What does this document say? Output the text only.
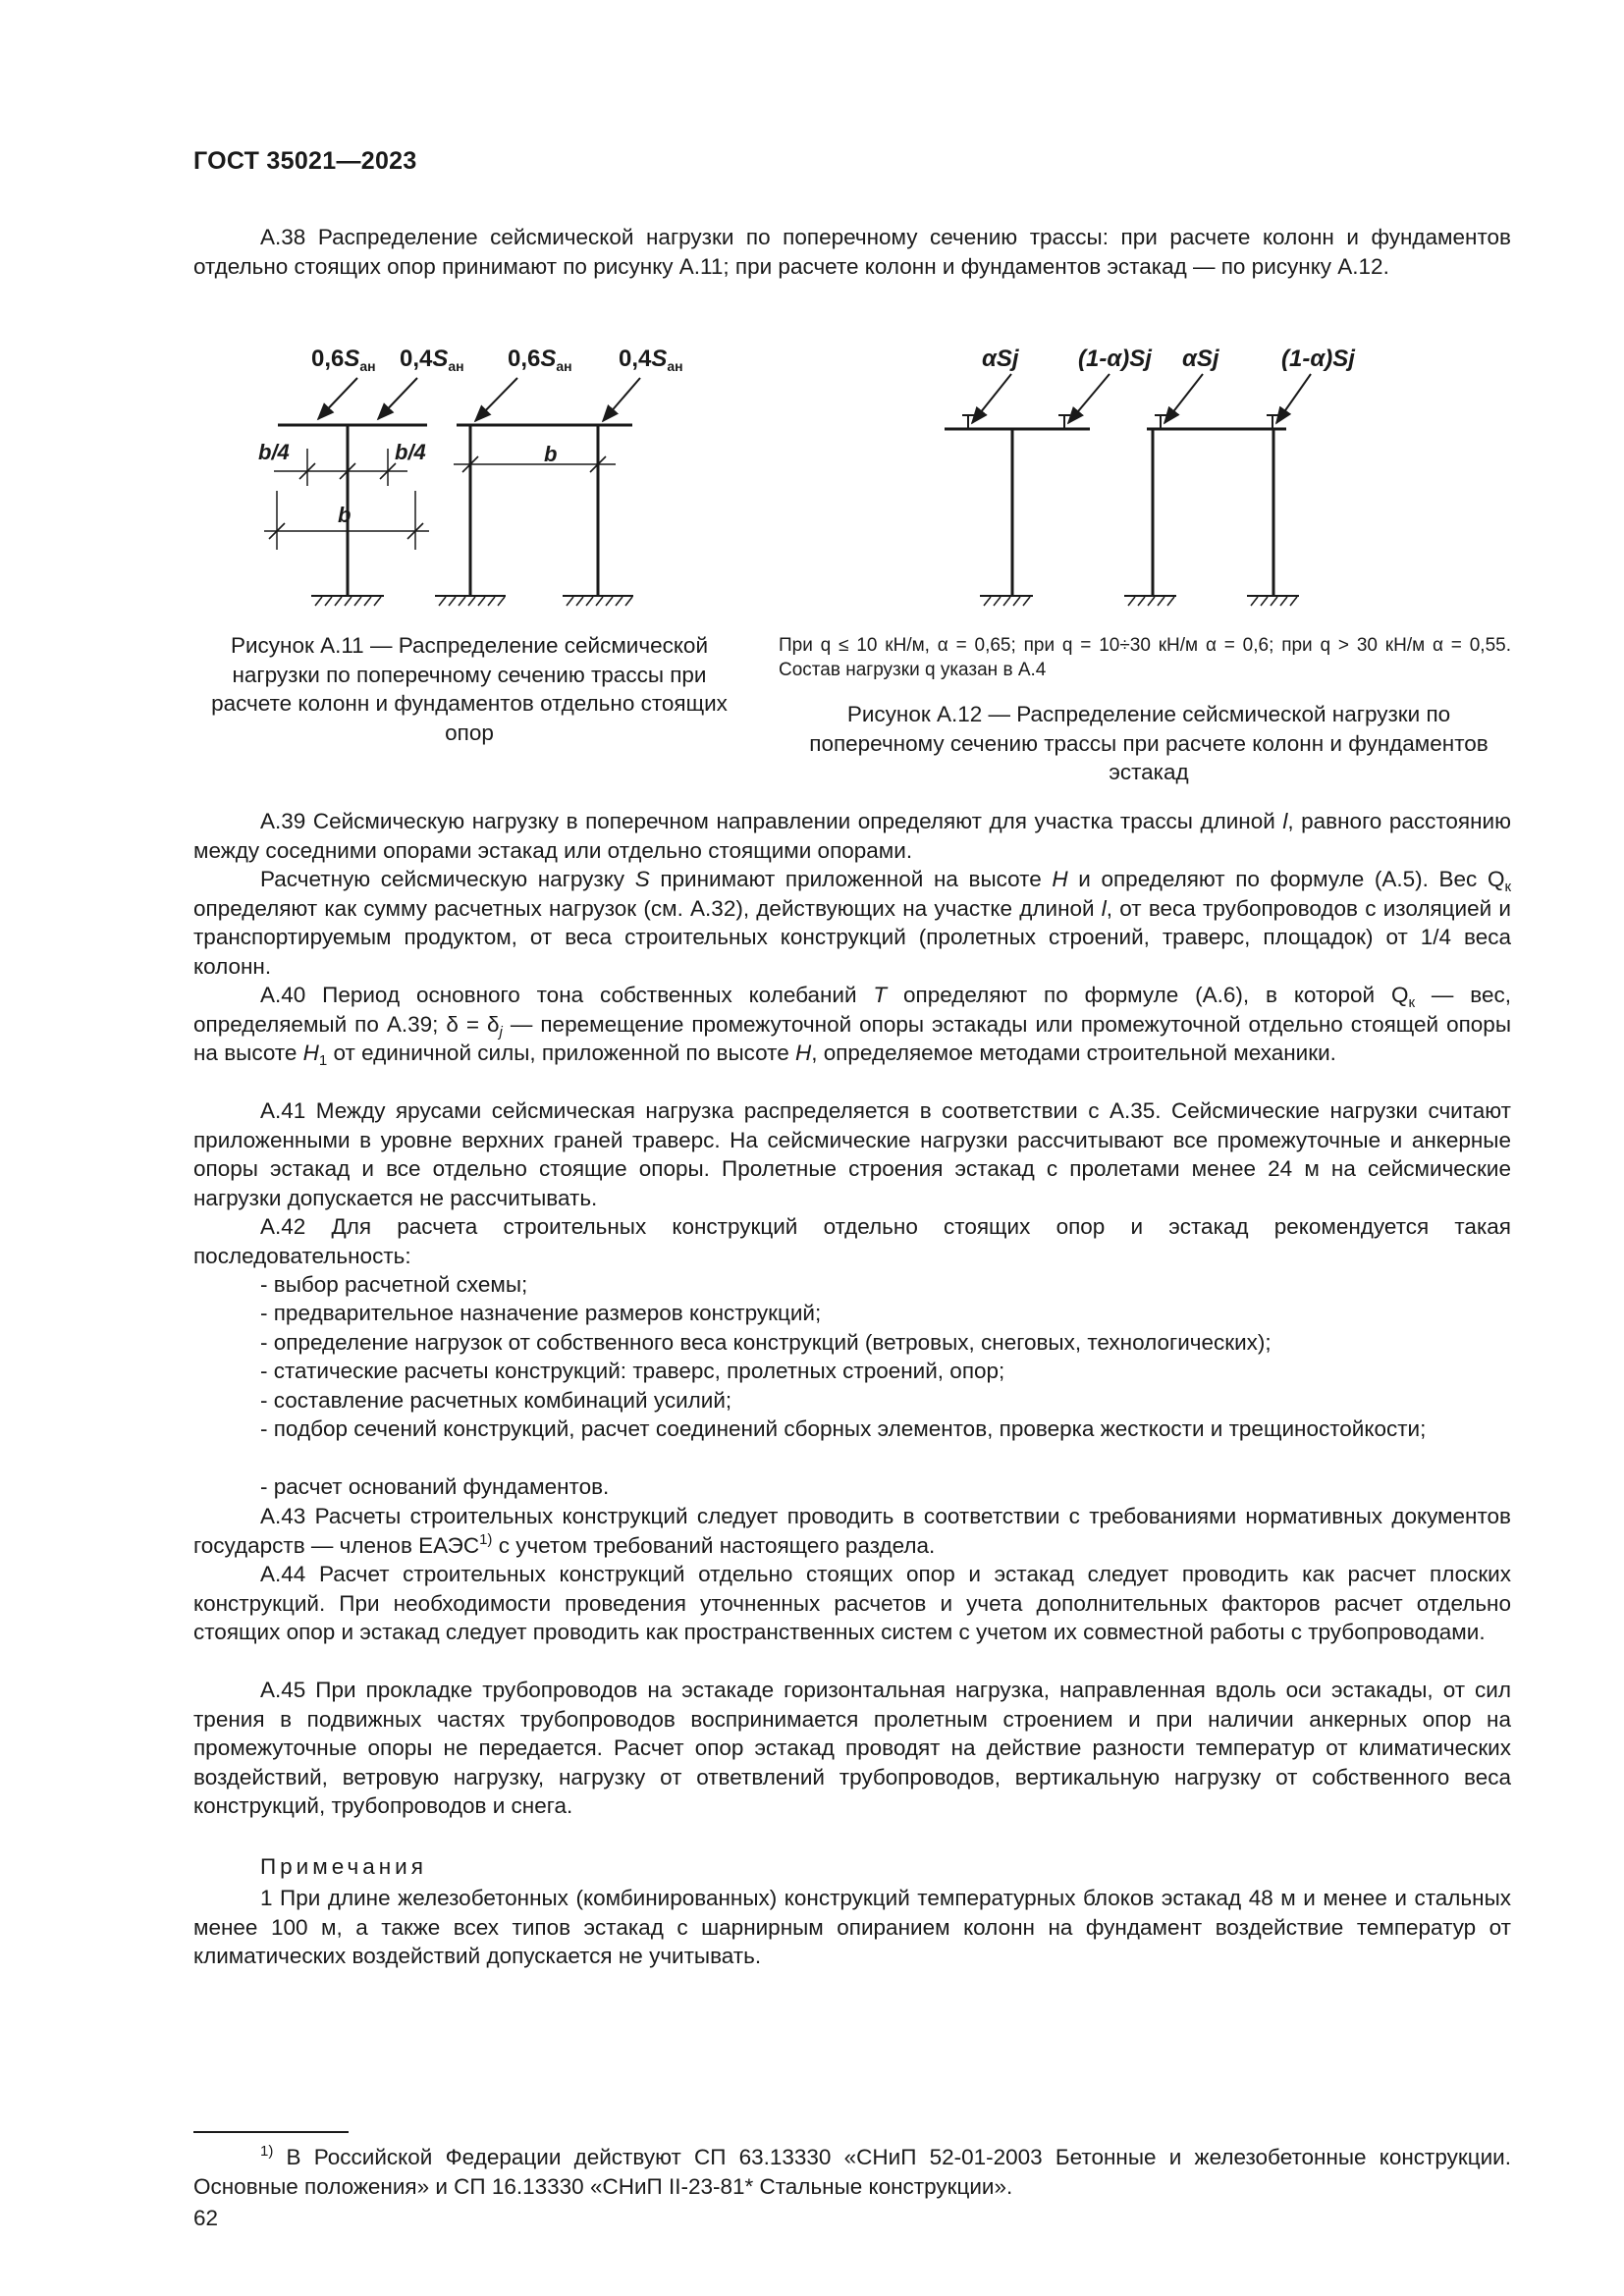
ГОСТ 35021—2023

А.38 Распределение сейсмической нагрузки по поперечному сечению трассы: при расчете колонн и фундаментов отдельно стоящих опор принимают по рисунку А.11; при расчете колонн и фундаментов эстакад — по рисунку А.12.

$0,6S_{ан}$ $0,4S_{ан}$ $0,6S_{ан}$ $0,4S_{ан}$
b/4	b/4
b
b

Рисунок А.11 — Распределение сейсмической нагрузки по поперечному сечению трассы при расчете колонн и фундаментов отдельно стоящих опор

αSj	(1-α)Sj αSj	(1-α)Sj

При q ≤ 10 кН/м, α = 0,65; при q = 10÷30 кН/м α = 0,6; при q > 30 кН/м α = 0,55. Состав нагрузки q указан в А.4

Рисунок А.12 — Распределение сейсмической нагрузки по поперечному сечению трассы при расчете колонн и фундаментов эстакад

А.39 Сейсмическую нагрузку в поперечном направлении определяют для участка трассы длиной l, равного расстоянию между соседними опорами эстакад или отдельно стоящими опорами.

Расчетную сейсмическую нагрузку S принимают приложенной на высоте H и определяют по формуле (А.5). Вес $Q_к$ определяют как сумму расчетных нагрузок (см. А.32), действующих на участке длиной l, от веса трубопроводов с изоляцией и транспортируемым продуктом, от веса строительных конструкций (пролетных строений, траверс, площадок) от 1/4 веса колонн.

А.40 Период основного тона собственных колебаний T определяют по формуле (А.6), в которой $Q_к$ — вес, определяемый по А.39; $\delta = \delta_j$ — перемещение промежуточной опоры эстакады или промежуточной отдельно стоящей опоры на высоте $H_1$ от единичной силы, приложенной по высоте H, определяемое методами строительной механики.

А.41 Между ярусами сейсмическая нагрузка распределяется в соответствии с А.35. Сейсмические нагрузки считают приложенными в уровне верхних граней траверс. На сейсмические нагрузки рассчитывают все промежуточные и анкерные опоры эстакад и все отдельно стоящие опоры. Пролетные строения эстакад с пролетами менее 24 м на сейсмические нагрузки допускается не рассчитывать.

А.42 Для расчета строительных конструкций отдельно стоящих опор и эстакад рекомендуется такая последовательность:

- выбор расчетной схемы;

- предварительное назначение размеров конструкций;

- определение нагрузок от собственного веса конструкций (ветровых, снеговых, технологических);

- статические расчеты конструкций: траверс, пролетных строений, опор;

- составление расчетных комбинаций усилий;

- подбор сечений конструкций, расчет соединений сборных элементов, проверка жесткости и трещиностойкости;

- расчет оснований фундаментов.

А.43 Расчеты строительных конструкций следует проводить в соответствии с требованиями нормативных документов государств — членов ЕАЭС$^{1)}$ с учетом требований настоящего раздела.

А.44 Расчет строительных конструкций отдельно стоящих опор и эстакад следует проводить как расчет плоских конструкций. При необходимости проведения уточненных расчетов и учета дополнительных факторов расчет отдельно стоящих опор и эстакад следует проводить как пространственных систем с учетом их совместной работы с трубопроводами.

А.45 При прокладке трубопроводов на эстакаде горизонтальная нагрузка, направленная вдоль оси эстакады, от сил трения в подвижных частях трубопроводов воспринимается пролетным строением и при наличии анкерных опор на промежуточные опоры не передается. Расчет опор эстакад проводят на действие разности температур от климатических воздействий, ветровую нагрузку, нагрузку от ответвлений трубопроводов, вертикальную нагрузку от собственного веса конструкций, трубопроводов и снега.

Примечания

1 При длине железобетонных (комбинированных) конструкций температурных блоков эстакад 48 м и менее и стальных менее 100 м, а также всех типов эстакад с шарнирным опиранием колонн на фундамент воздействие температур от климатических воздействий допускается не учитывать.

$^{1)}$ В Российской Федерации действуют СП 63.13330 «СНиП 52-01-2003 Бетонные и железобетонные конструкции. Основные положения» и СП 16.13330 «СНиП II-23-81* Стальные конструкции».

62
